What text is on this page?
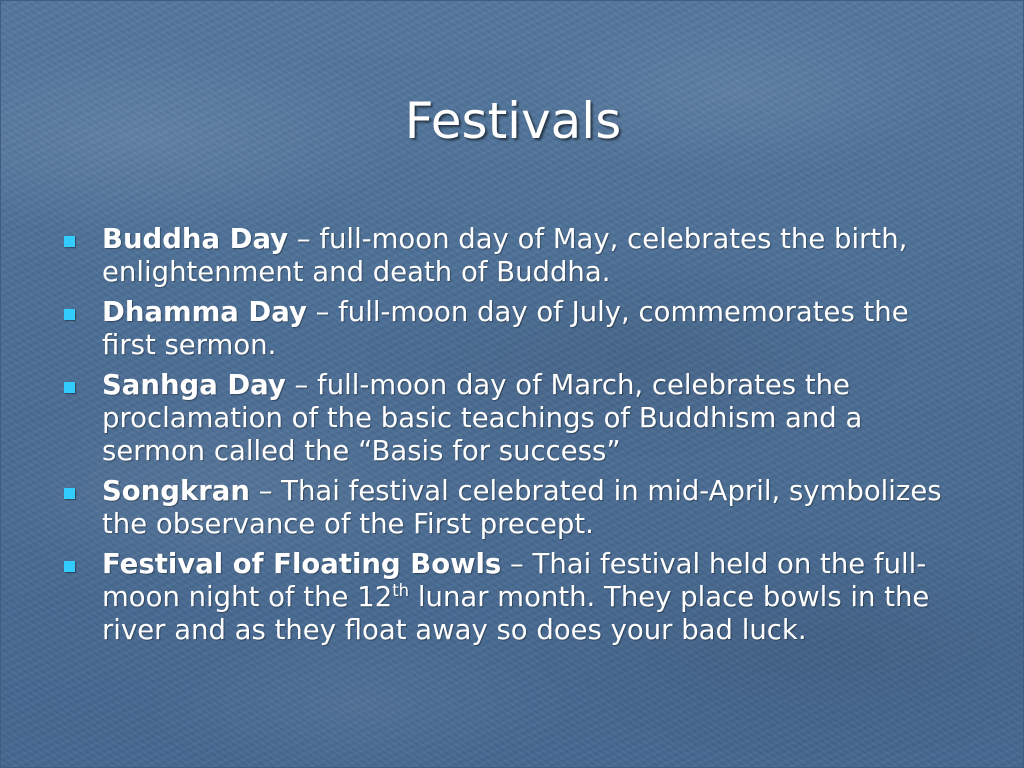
Festivals
Buddha Day – full-moon day of May, celebrates the birth, enlightenment and death of Buddha.
Dhamma Day – full-moon day of July, commemorates the first sermon.
Sanhga Day – full-moon day of March, celebrates the proclamation of the basic teachings of Buddhism and a sermon called the “Basis for success”
Songkran – Thai festival celebrated in mid-April, symbolizes the observance of the First precept.
Festival of Floating Bowls – Thai festival held on the full-moon night of the 12th lunar month. They place bowls in the river and as they float away so does your bad luck.
